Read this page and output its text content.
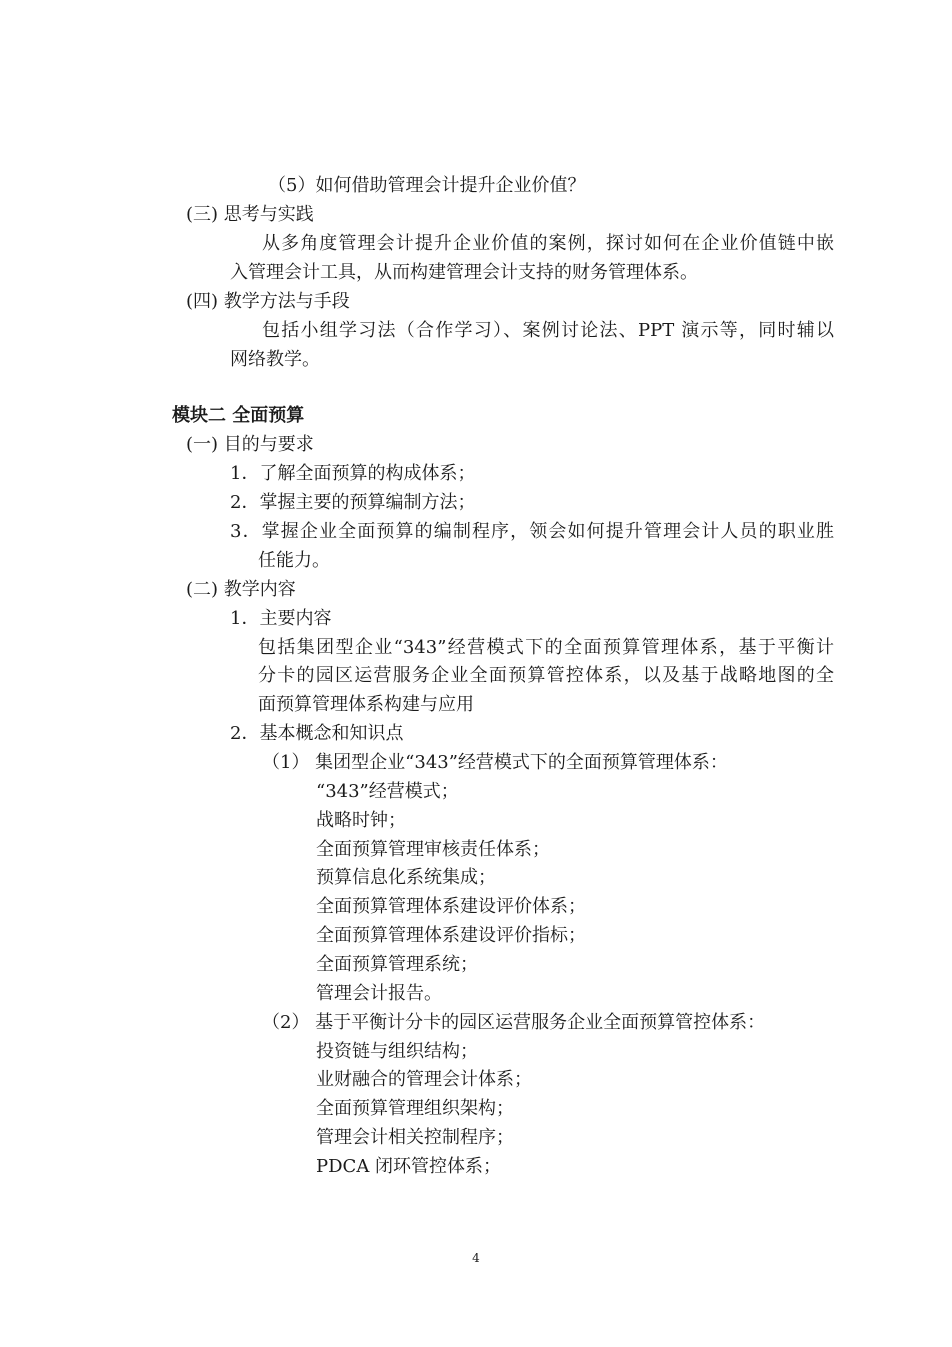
（5）如何借助管理会计提升企业价值？
(三) 思考与实践
从多角度管理会计提升企业价值的案例，探讨如何在企业价值链中嵌
入管理会计工具，从而构建管理会计支持的财务管理体系。
(四) 教学方法与手段
包括小组学习法（合作学习）、案例讨论法、PPT 演示等，同时辅以
网络教学。
模块二 全面预算
(一) 目的与要求
1．了解全面预算的构成体系；
2．掌握主要的预算编制方法；
3．掌握企业全面预算的编制程序，领会如何提升管理会计人员的职业胜
任能力。
(二) 教学内容
1．主要内容
包括集团型企业“343”经营模式下的全面预算管理体系，基于平衡计
分卡的园区运营服务企业全面预算管控体系，以及基于战略地图的全
面预算管理体系构建与应用
2．基本概念和知识点
（1） 集团型企业“343”经营模式下的全面预算管理体系：
“343”经营模式；
战略时钟；
全面预算管理审核责任体系；
预算信息化系统集成；
全面预算管理体系建设评价体系；
全面预算管理体系建设评价指标；
全面预算管理系统；
管理会计报告。
（2） 基于平衡计分卡的园区运营服务企业全面预算管控体系：
投资链与组织结构；
业财融合的管理会计体系；
全面预算管理组织架构；
管理会计相关控制程序；
PDCA 闭环管控体系；
4
